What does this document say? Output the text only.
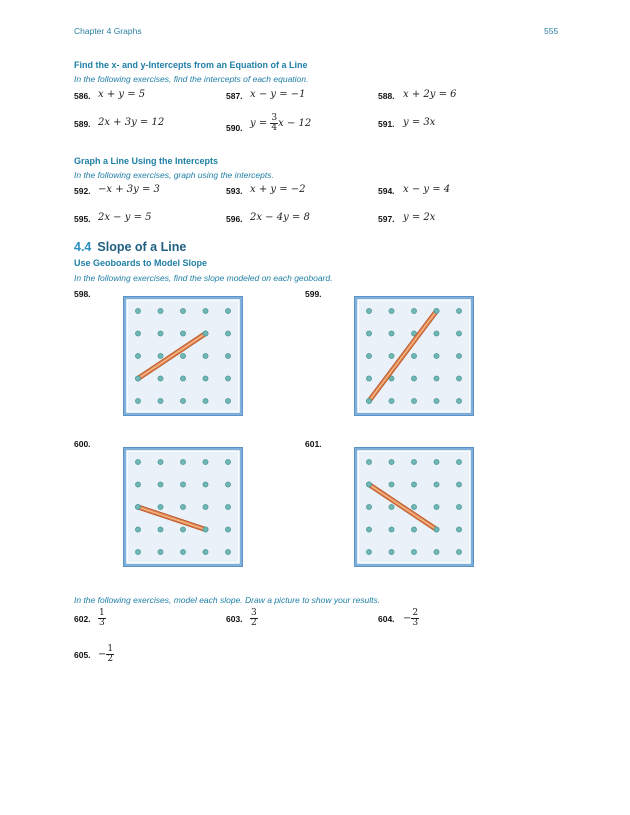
Chapter 4 Graphs	555
Find the x- and y-Intercepts from an Equation of a Line
In the following exercises, find the intercepts of each equation.
586. x + y = 5	587. x − y = −1	588. x + 2y = 6
589. 2x + 3y = 12	590. $y = \frac{3}{4}$ x − 12	591. y = 3x
Graph a Line Using the Intercepts
In the following exercises, graph using the intercepts.
592. −x + 3y = 3	593. x + y = −2	594. x − y = 4
595. 2x − y = 5	596. 2x − 4y = 8	597. y = 2x
4.4 Slope of a Line
Use Geoboards to Model Slope
In the following exercises, find the slope modeled on each geoboard.
598.	599.
600.	601.
In the following exercises, model each slope. Draw a picture to show your results.
602. $\frac{1}{3}$	603. $\frac{3}{2}$	604. − $\frac{2}{3}$
605. − $\frac{1}{2}$
